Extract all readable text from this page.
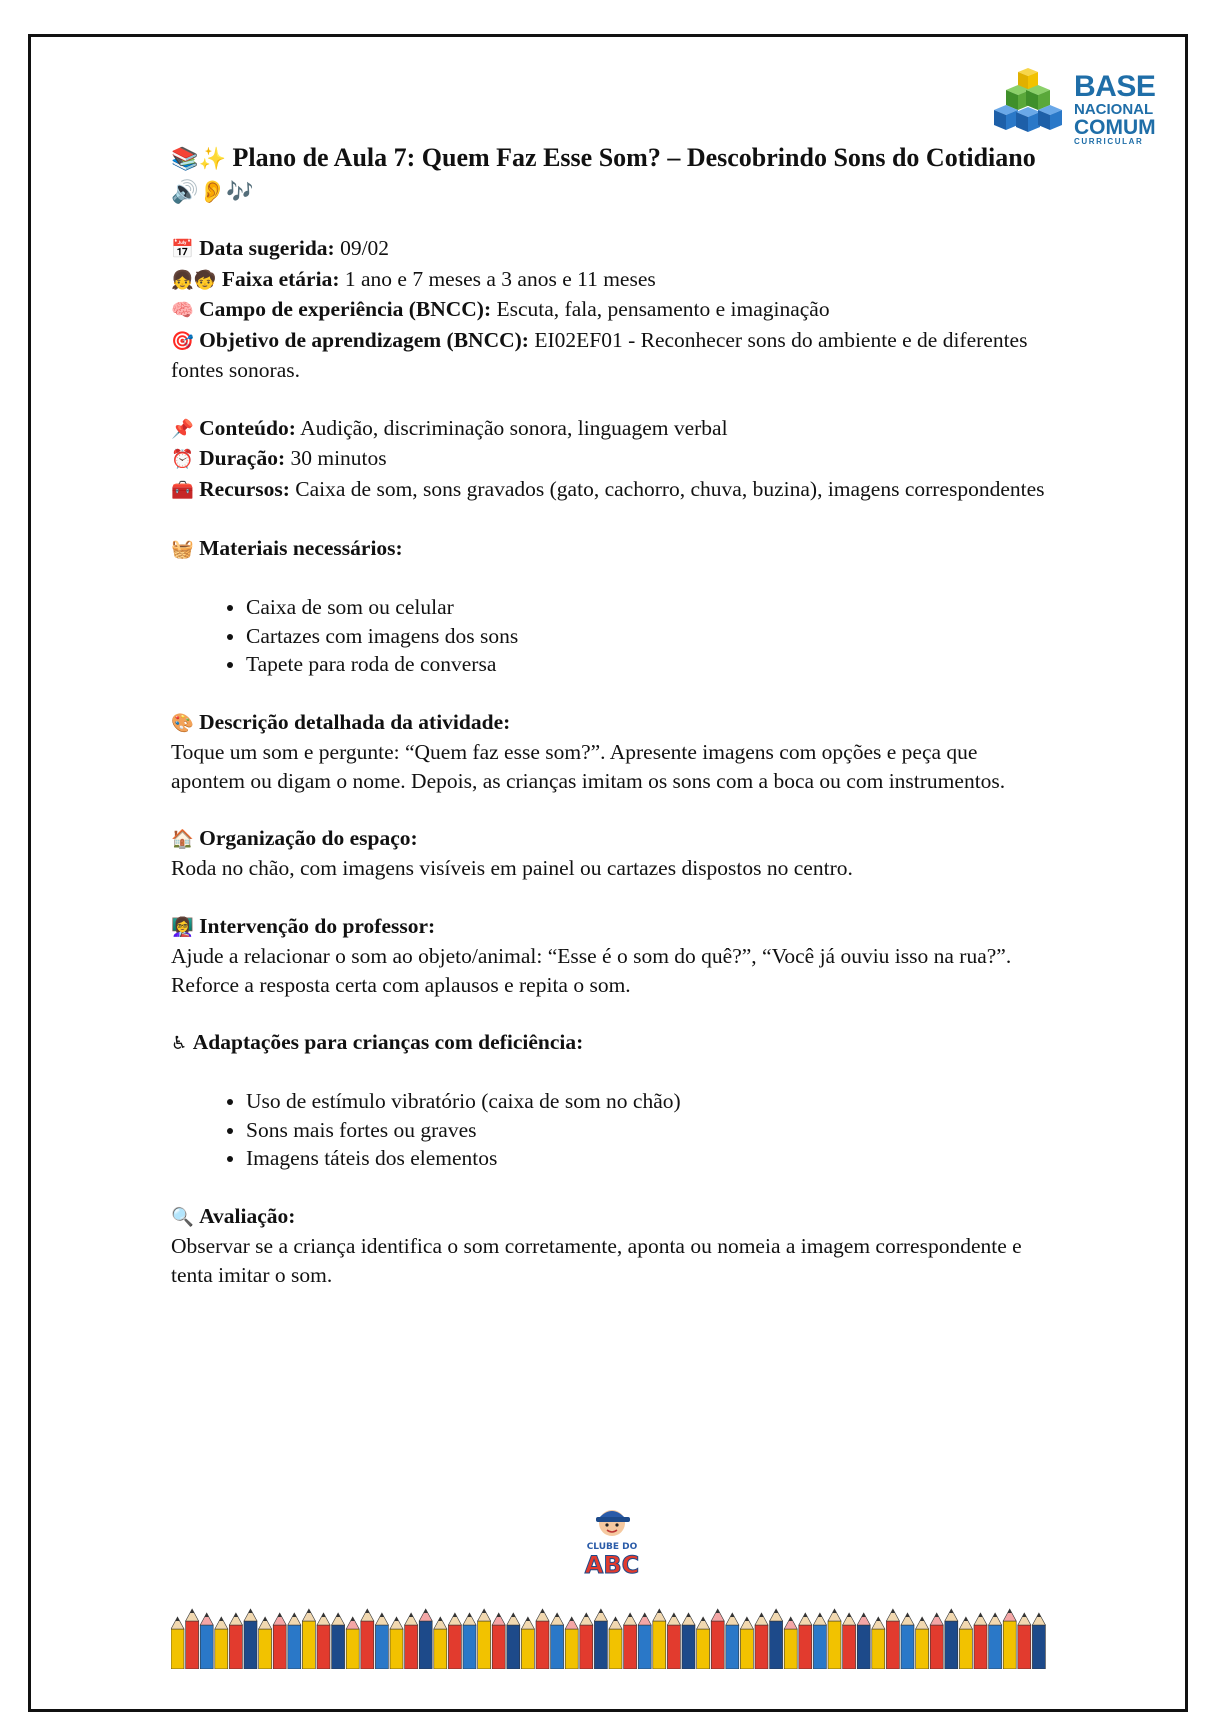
BASE
NACIONAL
COMUM
CURRICULAR
📚✨ Plano de Aula 7: Quem Faz Esse Som? – Descobrindo Sons do Cotidiano 🔊👂🎶

📅 Data sugerida: 09/02

👧🧒 Faixa etária: 1 ano e 7 meses a 3 anos e 11 meses

🧠 Campo de experiência (BNCC): Escuta, fala, pensamento e imaginação

🎯 Objetivo de aprendizagem (BNCC): EI02EF01 - Reconhecer sons do ambiente e de diferentes fontes sonoras.

📌 Conteúdo: Audição, discriminação sonora, linguagem verbal

⏰ Duração: 30 minutos

🧰 Recursos: Caixa de som, sons gravados (gato, cachorro, chuva, buzina), imagens correspondentes

🧺 Materiais necessários:

• Caixa de som ou celular
• Cartazes com imagens dos sons
• Tapete para roda de conversa

🎨 Descrição detalhada da atividade:

Toque um som e pergunte: “Quem faz esse som?”. Apresente imagens com opções e peça que apontem ou digam o nome. Depois, as crianças imitam os sons com a boca ou com instrumentos.

🏠 Organização do espaço:

Roda no chão, com imagens visíveis em painel ou cartazes dispostos no centro.

👩‍🏫 Intervenção do professor:

Ajude a relacionar o som ao objeto/animal: “Esse é o som do quê?”, “Você já ouviu isso na rua?”. Reforce a resposta certa com aplausos e repita o som.

♿ Adaptações para crianças com deficiência:

• Uso de estímulo vibratório (caixa de som no chão)
• Sons mais fortes ou graves
• Imagens táteis dos elementos

🔍 Avaliação:

Observar se a criança identifica o som corretamente, aponta ou nomeia a imagem correspondente e tenta imitar o som.

CLUBE DO
ABC
